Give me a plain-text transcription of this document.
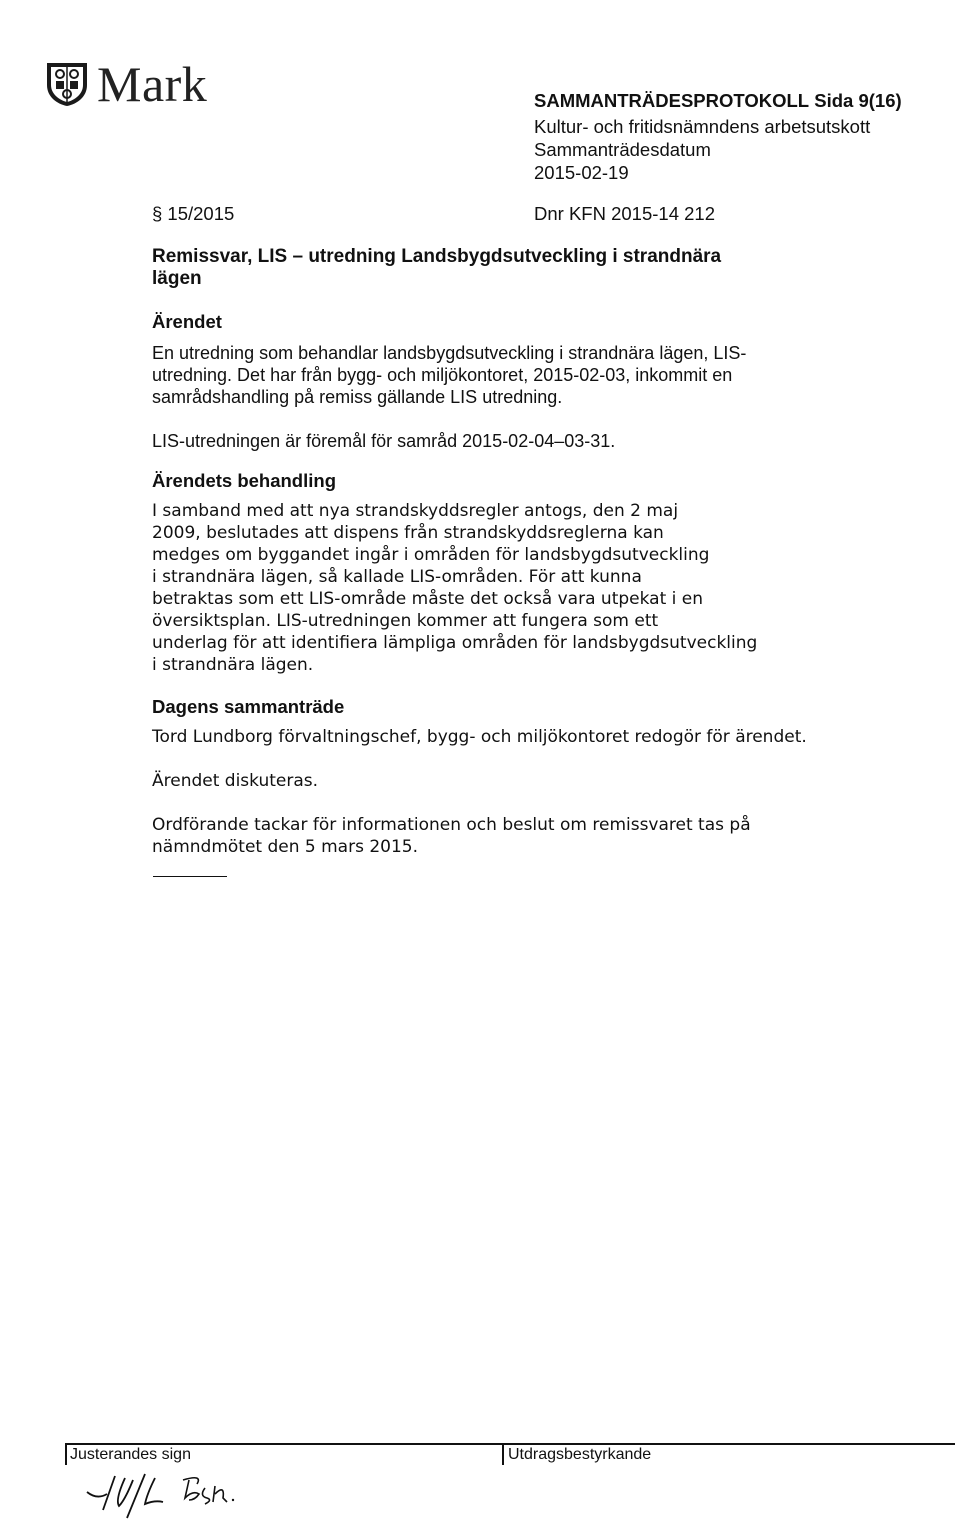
Mark	SAMMANTRÄDESPROTOKOLL Sida 9(16)
Kultur- och fritidsnämndens arbetsutskott
Sammanträdesdatum
2015-02-19
§ 15/2015	Dnr KFN 2015-14 212
Remissvar, LIS – utredning Landsbygdsutveckling i strandnära
lägen
Ärendet
En utredning som behandlar landsbygdsutveckling i strandnära lägen, LIS-
utredning. Det har från bygg- och miljökontoret, 2015-02-03, inkommit en
samrådshandling på remiss gällande LIS utredning.
LIS-utredningen är föremål för samråd 2015-02-04–03-31.
Ärendets behandling
I samband med att nya strandskyddsregler antogs, den 2 maj
2009, beslutades att dispens från strandskyddsreglerna kan
medges om byggandet ingår i områden för landsbygdsutveckling
i strandnära lägen, så kallade LIS-områden. För att kunna
betraktas som ett LIS-område måste det också vara utpekat i en
översiktsplan. LIS-utredningen kommer att fungera som ett
underlag för att identifiera lämpliga områden för landsbygdsutveckling
i strandnära lägen.
Dagens sammanträde
Tord Lundborg förvaltningschef, bygg- och miljökontoret redogör för ärendet.
Ärendet diskuteras.
Ordförande tackar för informationen och beslut om remissvaret tas på
nämndmötet den 5 mars 2015.
Justerandes sign	Utdragsbestyrkande
